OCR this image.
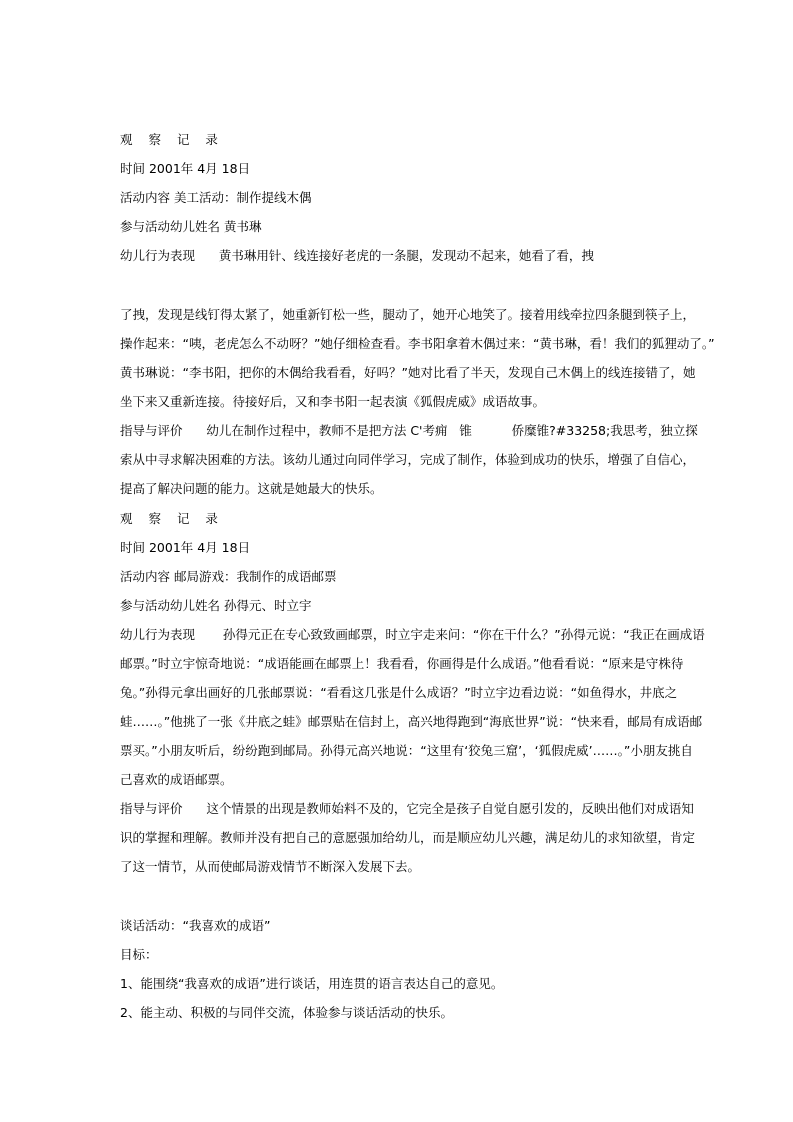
观 察 记 录
时间 2001年 4月 18日
活动内容 美工活动：制作提线木偶
参与活动幼儿姓名 黄书琳
幼儿行为表现      黄书琳用针、线连接好老虎的一条腿，发现动不起来，她看了看，拽
了拽，发现是线钉得太紧了，她重新钉松一些，腿动了，她开心地笑了。接着用线牵拉四条腿到筷子上，
操作起来：“咦，老虎怎么不动呀？”她仔细检查看。李书阳拿着木偶过来：“黄书琳，看！我们的狐狸动了。”
黄书琳说：“李书阳，把你的木偶给我看看，好吗？”她对比看了半天，发现自己木偶上的线连接错了，她
坐下来又重新连接。待接好后，又和李书阳一起表演《狐假虎威》成语故事。
指导与评价      幼儿在制作过程中，教师不是把方法 C'考痈   锥          侨糜锥?#33258;我思考，独立探
索从中寻求解决困难的方法。该幼儿通过向同伴学习，完成了制作，体验到成功的快乐，增强了自信心，
提高了解决问题的能力。这就是她最大的快乐。
观 察 记 录
时间 2001年 4月 18日
活动内容 邮局游戏：我制作的成语邮票
参与活动幼儿姓名 孙得元、时立宇
幼儿行为表现       孙得元正在专心致致画邮票，时立宇走来问：“你在干什么？”孙得元说：“我正在画成语
邮票。”时立宇惊奇地说：“成语能画在邮票上！我看看，你画得是什么成语。”他看看说：“原来是守株待
兔。”孙得元拿出画好的几张邮票说：“看看这几张是什么成语？”时立宇边看边说：“如鱼得水，井底之
蛙……。”他挑了一张《井底之蛙》邮票贴在信封上，高兴地得跑到“海底世界”说：“快来看，邮局有成语邮
票买。”小朋友听后，纷纷跑到邮局。孙得元高兴地说：“这里有‘狡兔三窟’，‘狐假虎威’……。”小朋友挑自
己喜欢的成语邮票。
指导与评价      这个情景的出现是教师始料不及的，它完全是孩子自觉自愿引发的，反映出他们对成语知
识的掌握和理解。教师并没有把自己的意愿强加给幼儿，而是顺应幼儿兴趣，满足幼儿的求知欲望，肯定
了这一情节，从而使邮局游戏情节不断深入发展下去。
谈话活动：“我喜欢的成语”
目标：
1、能围绕“我喜欢的成语”进行谈话，用连贯的语言表达自己的意见。
2、能主动、积极的与同伴交流，体验参与谈话活动的快乐。
